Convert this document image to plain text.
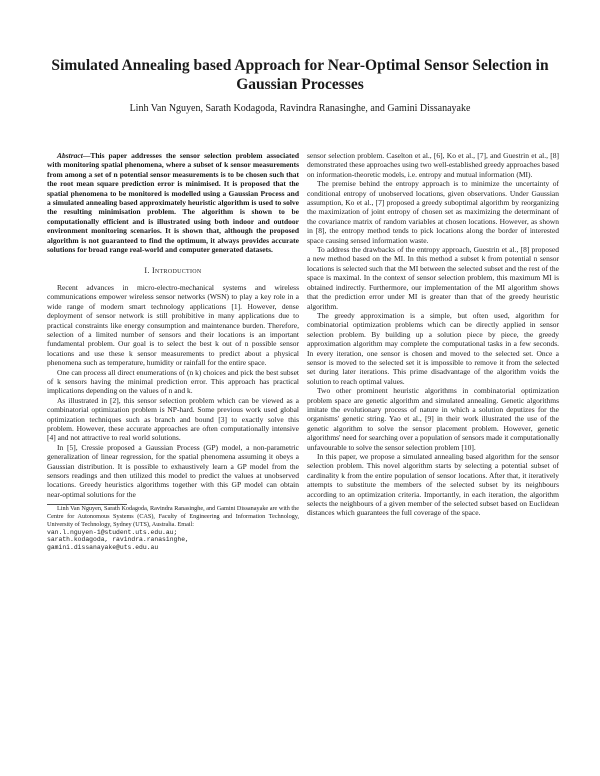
Simulated Annealing based Approach for Near-Optimal Sensor Selection in Gaussian Processes

Linh Van Nguyen, Sarath Kodagoda, Ravindra Ranasinghe, and Gamini Dissanayake

Abstract—This paper addresses the sensor selection problem associated with monitoring spatial phenomena, where a subset of k sensor measurements from among a set of n potential sensor measurements is to be chosen such that the root mean square prediction error is minimised. It is proposed that the spatial phenomena to be monitored is modelled using a Gaussian Process and a simulated annealing based approximately heuristic algorithm is used to solve the resulting minimisation problem. The algorithm is shown to be computationally efficient and is illustrated using both indoor and outdoor environment monitoring scenarios. It is shown that, although the proposed algorithm is not guaranteed to find the optimum, it always provides accurate solutions for broad range real-world and computer generated datasets.

I. Introduction

Recent advances in micro-electro-mechanical systems and wireless communications empower wireless sensor networks (WSN) to play a key role in a wide range of modern smart technology applications [1]. However, dense deployment of sensor network is still prohibitive in many applications due to practical constraints like energy consumption and maintenance burden. Therefore, selection of a limited number of sensors and their locations is an important fundamental problem. Our goal is to select the best k out of n possible sensor locations and use these k sensor measurements to predict about a physical phenomena such as temperature, humidity or rainfall for the entire space.

One can process all direct enumerations of (n k) choices and pick the best subset of k sensors having the minimal prediction error. This approach has practical implications depending on the values of n and k.

As illustrated in [2], this sensor selection problem which can be viewed as a combinatorial optimization problem is NP-hard. Some previous work used global optimization techniques such as branch and bound [3] to exactly solve this problem. However, these accurate approaches are often computationally intensive [4] and not attractive to real world solutions.

In [5], Cressie proposed a Gaussian Process (GP) model, a non-parametric generalization of linear regression, for the spatial phenomena assuming it obeys a Gaussian distribution. It is possible to exhaustively learn a GP model from the sensors readings and then utilized this model to predict the values at unobserved locations. Greedy heuristics algorithms together with this GP model can obtain near-optimal solutions for the

Linh Van Nguyen, Sarath Kodagoda, Ravindra Ranasinghe, and Gamini Dissanayake are with the Centre for Autonomous Systems (CAS), Faculty of Engineering and Information Technology, University of Technology, Sydney (UTS), Australia. Email:
van.l.nguyen-1@student.uts.edu.au;
sarath.kodagoda, ravindra.ranasinghe,
gamini.dissanayake@uts.edu.au

sensor selection problem. Caselton et al., [6], Ko et al., [7], and Guestrin et al., [8] demonstrated these approaches using two well-established greedy approaches based on information-theoretic models, i.e. entropy and mutual information (MI).

The premise behind the entropy approach is to minimize the uncertainty of conditional entropy of unobserved locations, given observations. Under Gaussian assumption, Ko et al., [7] proposed a greedy suboptimal algorithm by reorganizing the maximization of joint entropy of chosen set as maximizing the determinant of the covariance matrix of random variables at chosen locations. However, as shown in [8], the entropy method tends to pick locations along the border of interested space causing sensed information waste.

To address the drawbacks of the entropy approach, Guestrin et al., [8] proposed a new method based on the MI. In this method a subset k from potential n sensor locations is selected such that the MI between the selected subset and the rest of the space is maximal. In the context of sensor selection problem, this maximum MI is obtained indirectly. Furthermore, our implementation of the MI algorithm shows that the prediction error under MI is greater than that of the greedy heuristic algorithm.

The greedy approximation is a simple, but often used, algorithm for combinatorial optimization problems which can be directly applied in sensor selection problem. By building up a solution piece by piece, the greedy approximation algorithm may complete the computational tasks in a few seconds. In every iteration, one sensor is chosen and moved to the selected set. Once a sensor is moved to the selected set it is impossible to remove it from the selected set during later iterations. This prime disadvantage of the algorithm voids the solution to reach optimal values.

Two other prominent heuristic algorithms in combinatorial optimization problem space are genetic algorithm and simulated annealing. Genetic algorithms imitate the evolutionary process of nature in which a solution deputizes for the organisms' genetic string. Yao et al., [9] in their work illustrated the use of the genetic algorithm to solve the sensor placement problem. However, genetic algorithms' need for searching over a population of sensors made it computationally unfavourable to solve the sensor selection problem [10].

In this paper, we propose a simulated annealing based algorithm for the sensor selection problem. This novel algorithm starts by selecting a potential subset of cardinality k from the entire population of sensor locations. After that, it iteratively attempts to substitute the members of the selected subset by its neighbours according to an optimization criteria. Importantly, in each iteration, the algorithm selects the neighbours of a given member of the selected subset based on Euclidean distances which guarantees the full coverage of the space.
